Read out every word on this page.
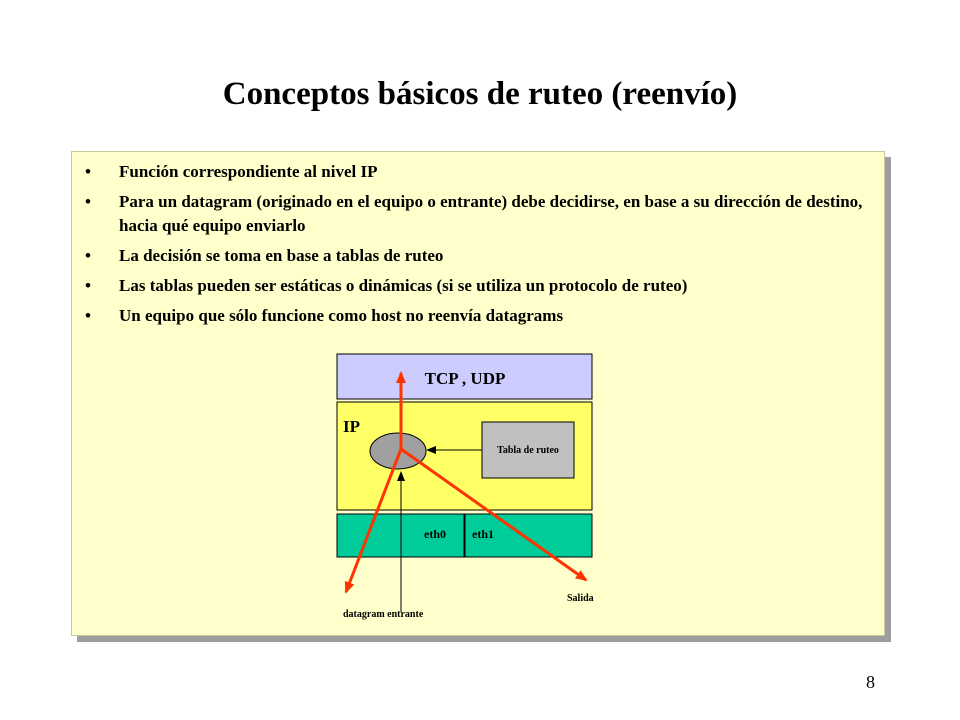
Conceptos básicos de ruteo (reenvío)
• Función correspondiente al nivel IP
• Para un datagram (originado en el equipo o entrante) debe decidirse, en base a su dirección de destino, hacia qué equipo enviarlo
• La decisión se toma en base a tablas de ruteo
• Las tablas pueden ser estáticas o dinámicas (si se utiliza un protocolo de ruteo)
• Un equipo que sólo funcione como host no reenvía datagrams
TCP , UDP
IP
Tabla de ruteo
eth0 eth1
datagram entrante
Salida
8
